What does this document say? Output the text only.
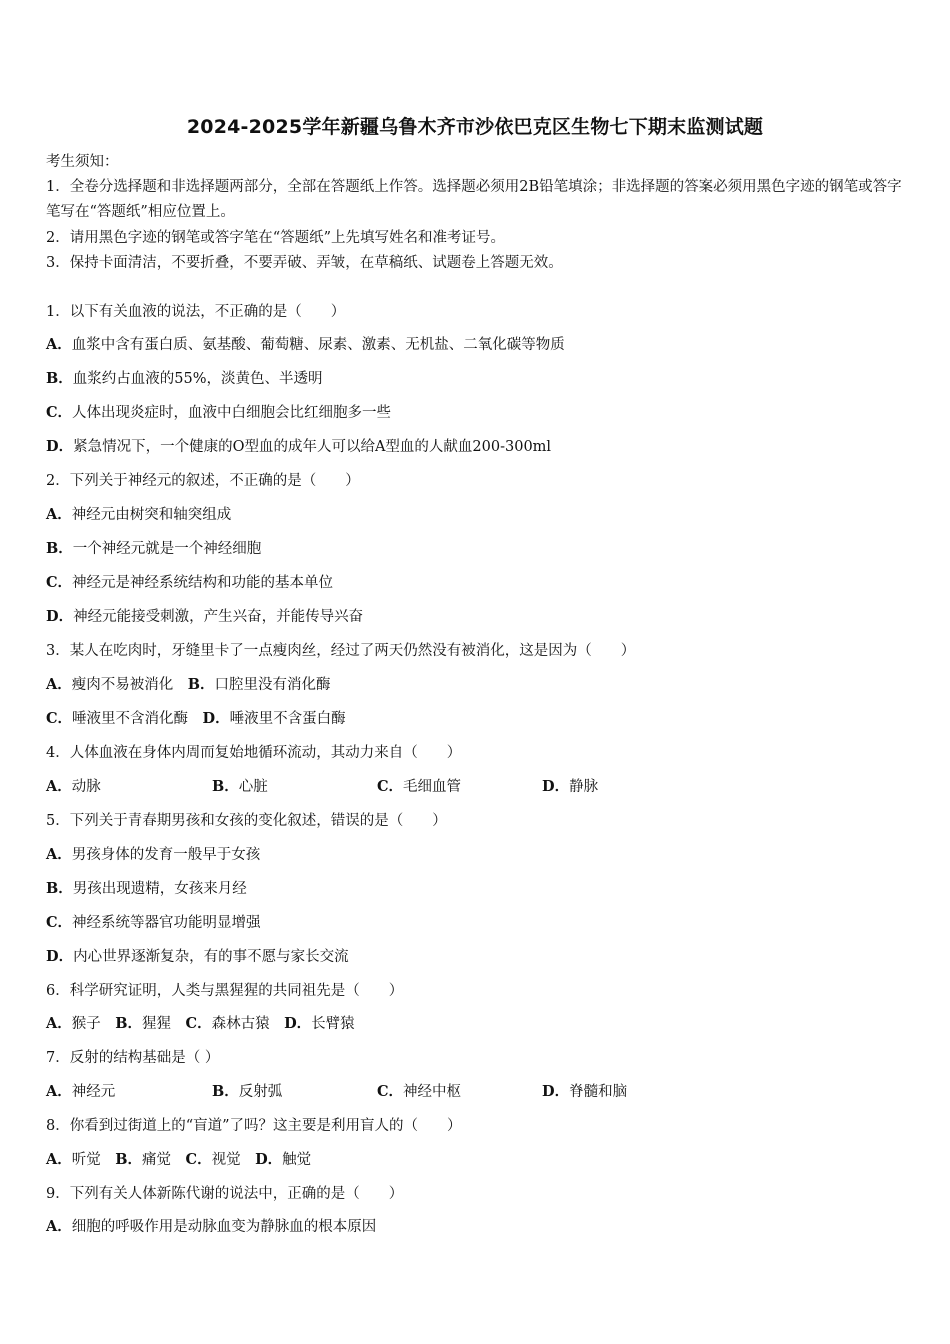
2024-2025学年新疆乌鲁木齐市沙依巴克区生物七下期末监测试题
考生须知：
1．全卷分选择题和非选择题两部分，全部在答题纸上作答。选择题必须用2B铅笔填涂；非选择题的答案必须用黑色字迹的钢笔或答字笔写在“答题纸”相应位置上。
2．请用黑色字迹的钢笔或答字笔在“答题纸”上先填写姓名和准考证号。
3．保持卡面清洁，不要折叠，不要弄破、弄皱，在草稿纸、试题卷上答题无效。
1．以下有关血液的说法，不正确的是（　　）
A．血浆中含有蛋白质、氨基酸、葡萄糖、尿素、激素、无机盐、二氧化碳等物质
B．血浆约占血液的55%，淡黄色、半透明
C．人体出现炎症时，血液中白细胞会比红细胞多一些
D．紧急情况下，一个健康的O型血的成年人可以给A型血的人献血200-300ml
2．下列关于神经元的叙述，不正确的是（　　）
A．神经元由树突和轴突组成
B．一个神经元就是一个神经细胞
C．神经元是神经系统结构和功能的基本单位
D．神经元能接受刺激，产生兴奋，并能传导兴奋
3．某人在吃肉时，牙缝里卡了一点瘦肉丝，经过了两天仍然没有被消化，这是因为（　　）
A．瘦肉不易被消化　 B．口腔里没有消化酶
C．唾液里不含消化酶　 D．唾液里不含蛋白酶
4．人体血液在身体内周而复始地循环流动，其动力来自（　　）
A．动脉	B．心脏	C．毛细血管	D．静脉
5．下列关于青春期男孩和女孩的变化叙述，错误的是（　　）
A．男孩身体的发育一般早于女孩
B．男孩出现遗精，女孩来月经
C．神经系统等器官功能明显增强
D．内心世界逐渐复杂，有的事不愿与家长交流
6．科学研究证明，人类与黑猩猩的共同祖先是（　　）
A．猴子  B．猩猩  C．森林古猿  D．长臂猿
7．反射的结构基础是（ ）
A．神经元	B．反射弧	C．神经中枢	D．脊髓和脑
8．你看到过街道上的“盲道”了吗？这主要是利用盲人的（　　）
A．听觉  B．痛觉  C．视觉  D．触觉
9．下列有关人体新陈代谢的说法中，正确的是（　　）
A．细胞的呼吸作用是动脉血变为静脉血的根本原因
